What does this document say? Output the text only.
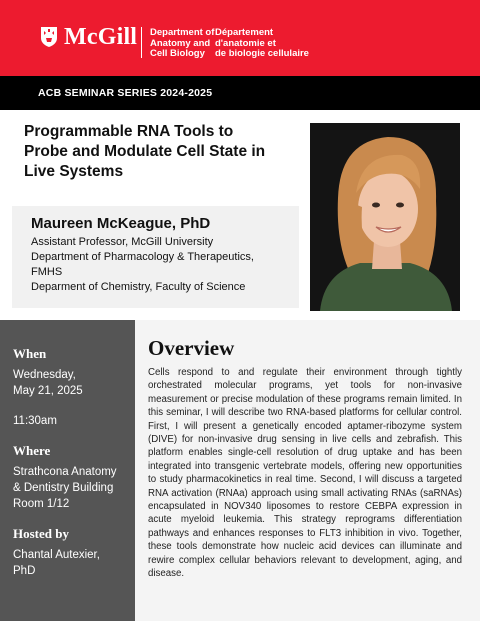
McGill Department of
Anatomy and
Cell Biology
Département
d'anatomie et
de biologie cellulaire
ACB SEMINAR SERIES 2024-2025
Programmable RNA Tools to
Probe and Modulate Cell State in
Live Systems
Maureen McKeague, PhD
Assistant Professor, McGill University
Department of Pharmacology & Therapeutics,
FMHS
Deparment of Chemistry, Faculty of Science
When
Wednesday,
May 21, 2025
11:30am
Where
Strathcona Anatomy
& Dentistry Building
Room 1/12
Hosted by
Chantal Autexier,
PhD
Overview
Cells respond to and regulate their environment through tightly orchestrated molecular programs, yet tools for non-invasive measurement or precise modulation of these programs remain limited. In this seminar, I will describe two RNA-based platforms for cellular control. First, I will present a genetically encoded aptamer-ribozyme system (DIVE) for non-invasive drug sensing in live cells and zebrafish. This platform enables single-cell resolution of drug uptake and has been integrated into transgenic vertebrate models, offering new opportunities to study pharmacokinetics in real time. Second, I will discuss a targeted RNA activation (RNAa) approach using small activating RNAs (saRNAs) encapsulated in NOV340 liposomes to restore CEBPA expression in acute myeloid leukemia. This strategy reprograms differentiation pathways and enhances responses to FLT3 inhibition in vivo. Together, these tools demonstrate how nucleic acid devices can illuminate and rewire complex cellular behaviors relevant to development, aging, and disease.
